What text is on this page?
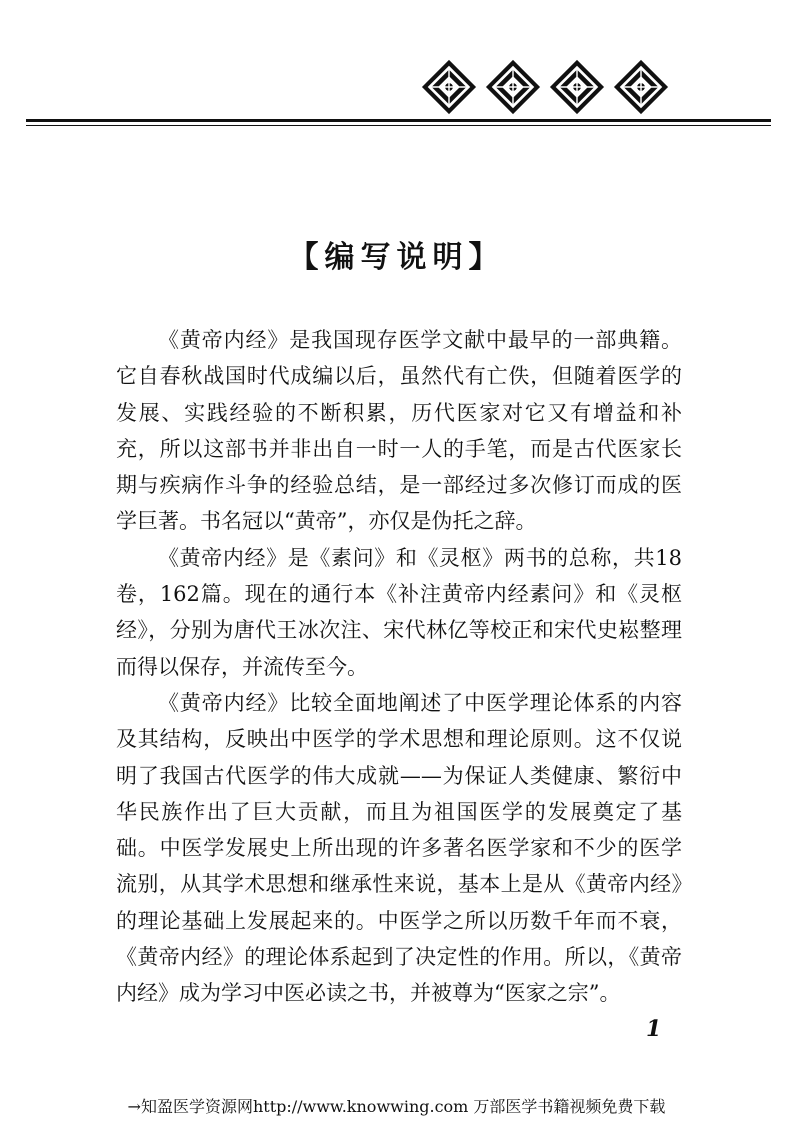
【编写说明】

《黄帝内经》是我国现存医学文献中最早的一部典籍。它自春秋战国时代成编以后，虽然代有亡佚，但随着医学的发展、实践经验的不断积累，历代医家对它又有增益和补充，所以这部书并非出自一时一人的手笔，而是古代医家长期与疾病作斗争的经验总结，是一部经过多次修订而成的医学巨著。书名冠以“黄帝”，亦仅是伪托之辞。

《黄帝内经》是《素问》和《灵枢》两书的总称，共18卷，162篇。现在的通行本《补注黄帝内经素问》和《灵枢经》，分别为唐代王冰次注、宋代林亿等校正和宋代史崧整理而得以保存，并流传至今。

《黄帝内经》比较全面地阐述了中医学理论体系的内容及其结构，反映出中医学的学术思想和理论原则。这不仅说明了我国古代医学的伟大成就——为保证人类健康、繁衍中华民族作出了巨大贡献，而且为祖国医学的发展奠定了基础。中医学发展史上所出现的许多著名医学家和不少的医学流别，从其学术思想和继承性来说，基本上是从《黄帝内经》的理论基础上发展起来的。中医学之所以历数千年而不衰，《黄帝内经》的理论体系起到了决定性的作用。所以，《黄帝内经》成为学习中医必读之书，并被尊为“医家之宗”。

1
→知盈医学资源网http://www.knowwing.com 万部医学书籍视频免费下载
